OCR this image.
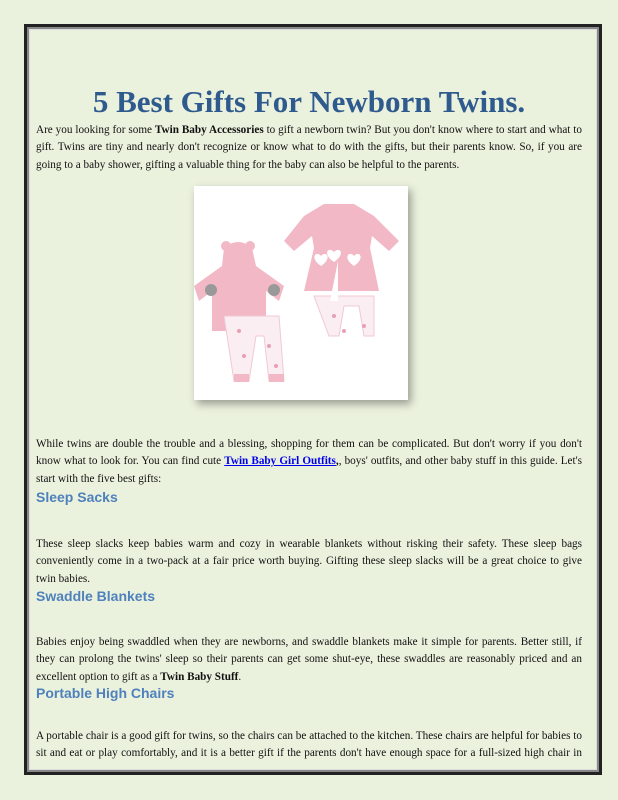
5 Best Gifts For Newborn Twins.

Are you looking for some Twin Baby Accessories to gift a newborn twin? But you don't know where to start and what to gift. Twins are tiny and nearly don't recognize or know what to do with the gifts, but their parents know. So, if you are going to a baby shower, gifting a valuable thing for the baby can also be helpful to the parents.

While twins are double the trouble and a blessing, shopping for them can be complicated. But don't worry if you don't know what to look for. You can find cute Twin Baby Girl Outfits,, boys' outfits, and other baby stuff in this guide. Let's start with the five best gifts:

Sleep Sacks

These sleep slacks keep babies warm and cozy in wearable blankets without risking their safety. These sleep bags conveniently come in a two-pack at a fair price worth buying. Gifting these sleep slacks will be a great choice to give twin babies.

Swaddle Blankets

Babies enjoy being swaddled when they are newborns, and swaddle blankets make it simple for parents. Better still, if they can prolong the twins' sleep so their parents can get some shut-eye, these swaddles are reasonably priced and an excellent option to gift as a Twin Baby Stuff.

Portable High Chairs

A portable chair is a good gift for twins, so the chairs can be attached to the kitchen. These chairs are helpful for babies to sit and eat or play comfortably, and it is a better gift if the parents don't have enough space for a full-sized high chair in
